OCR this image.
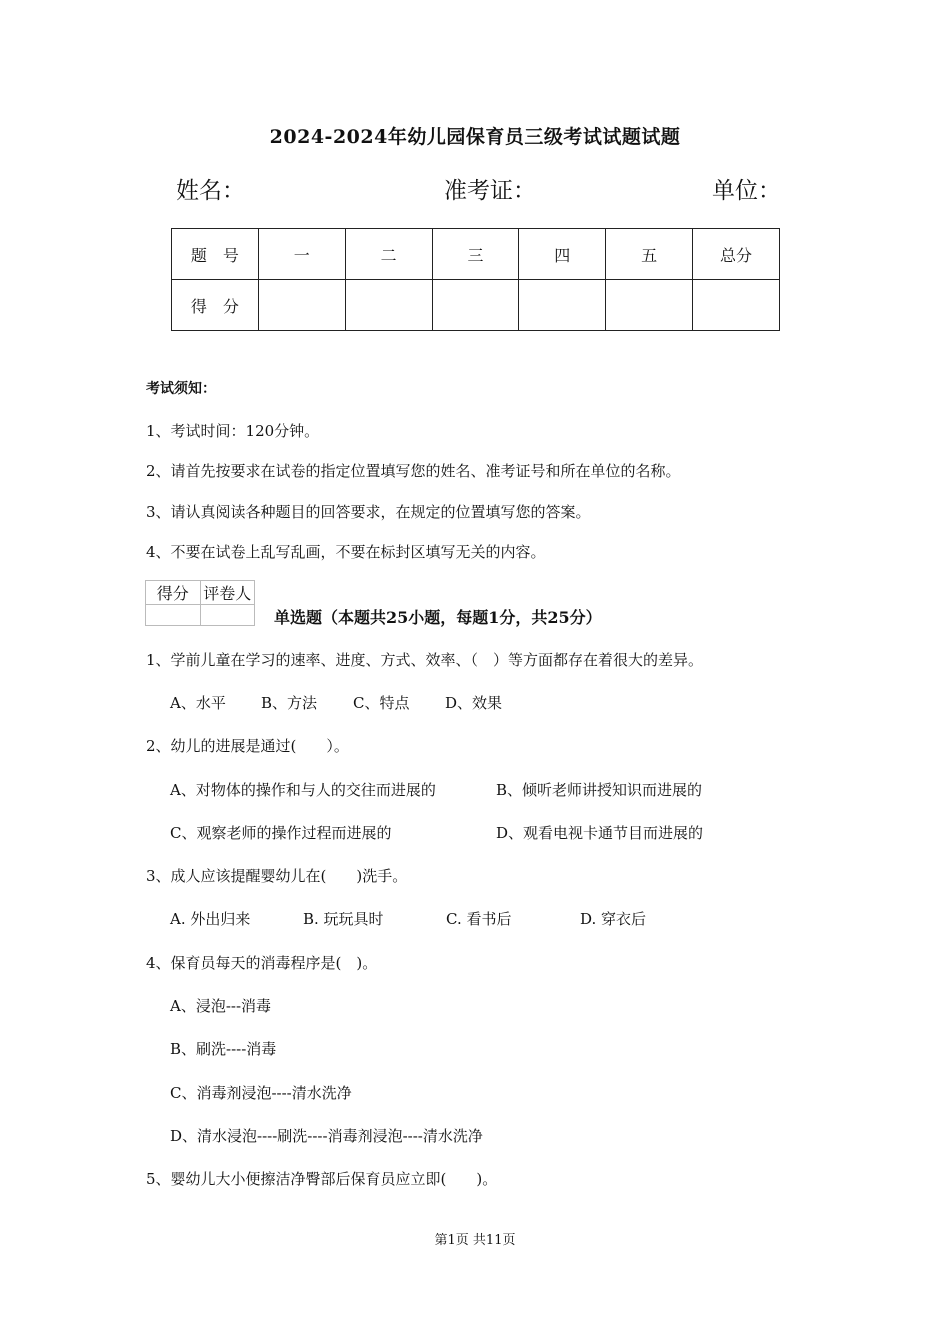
2024-2024年幼儿园保育员三级考试试题试题
姓名：	准考证：	单位：
题　号	一	二	三	四	五	总分
得　分						
考试须知：
1、考试时间：120分钟。
2、请首先按要求在试卷的指定位置填写您的姓名、准考证号和所在单位的名称。
3、请认真阅读各种题目的回答要求，在规定的位置填写您的答案。
4、不要在试卷上乱写乱画，不要在标封区填写无关的内容。
得分	评卷人

单选题（本题共25小题，每题1分，共25分）
1、学前儿童在学习的速率、进度、方式、效率、（　）等方面都存在着很大的差异。
A、水平 B、方法 C、特点 D、效果
2、幼儿的进展是通过(　　）。
A、对物体的操作和与人的交往而进展的	B、倾听老师讲授知识而进展的
C、观察老师的操作过程而进展的	D、观看电视卡通节目而进展的
3、成人应该提醒婴幼儿在(　　)洗手。
A. 外出归来	B. 玩玩具时	C. 看书后	D. 穿衣后
4、保育员每天的消毒程序是(　)。
A、浸泡---消毒
B、刷洗----消毒
C、消毒剂浸泡----清水洗净
D、清水浸泡----刷洗----消毒剂浸泡----清水洗净
5、婴幼儿大小便擦洁净臀部后保育员应立即(　　)。
第1页 共11页
